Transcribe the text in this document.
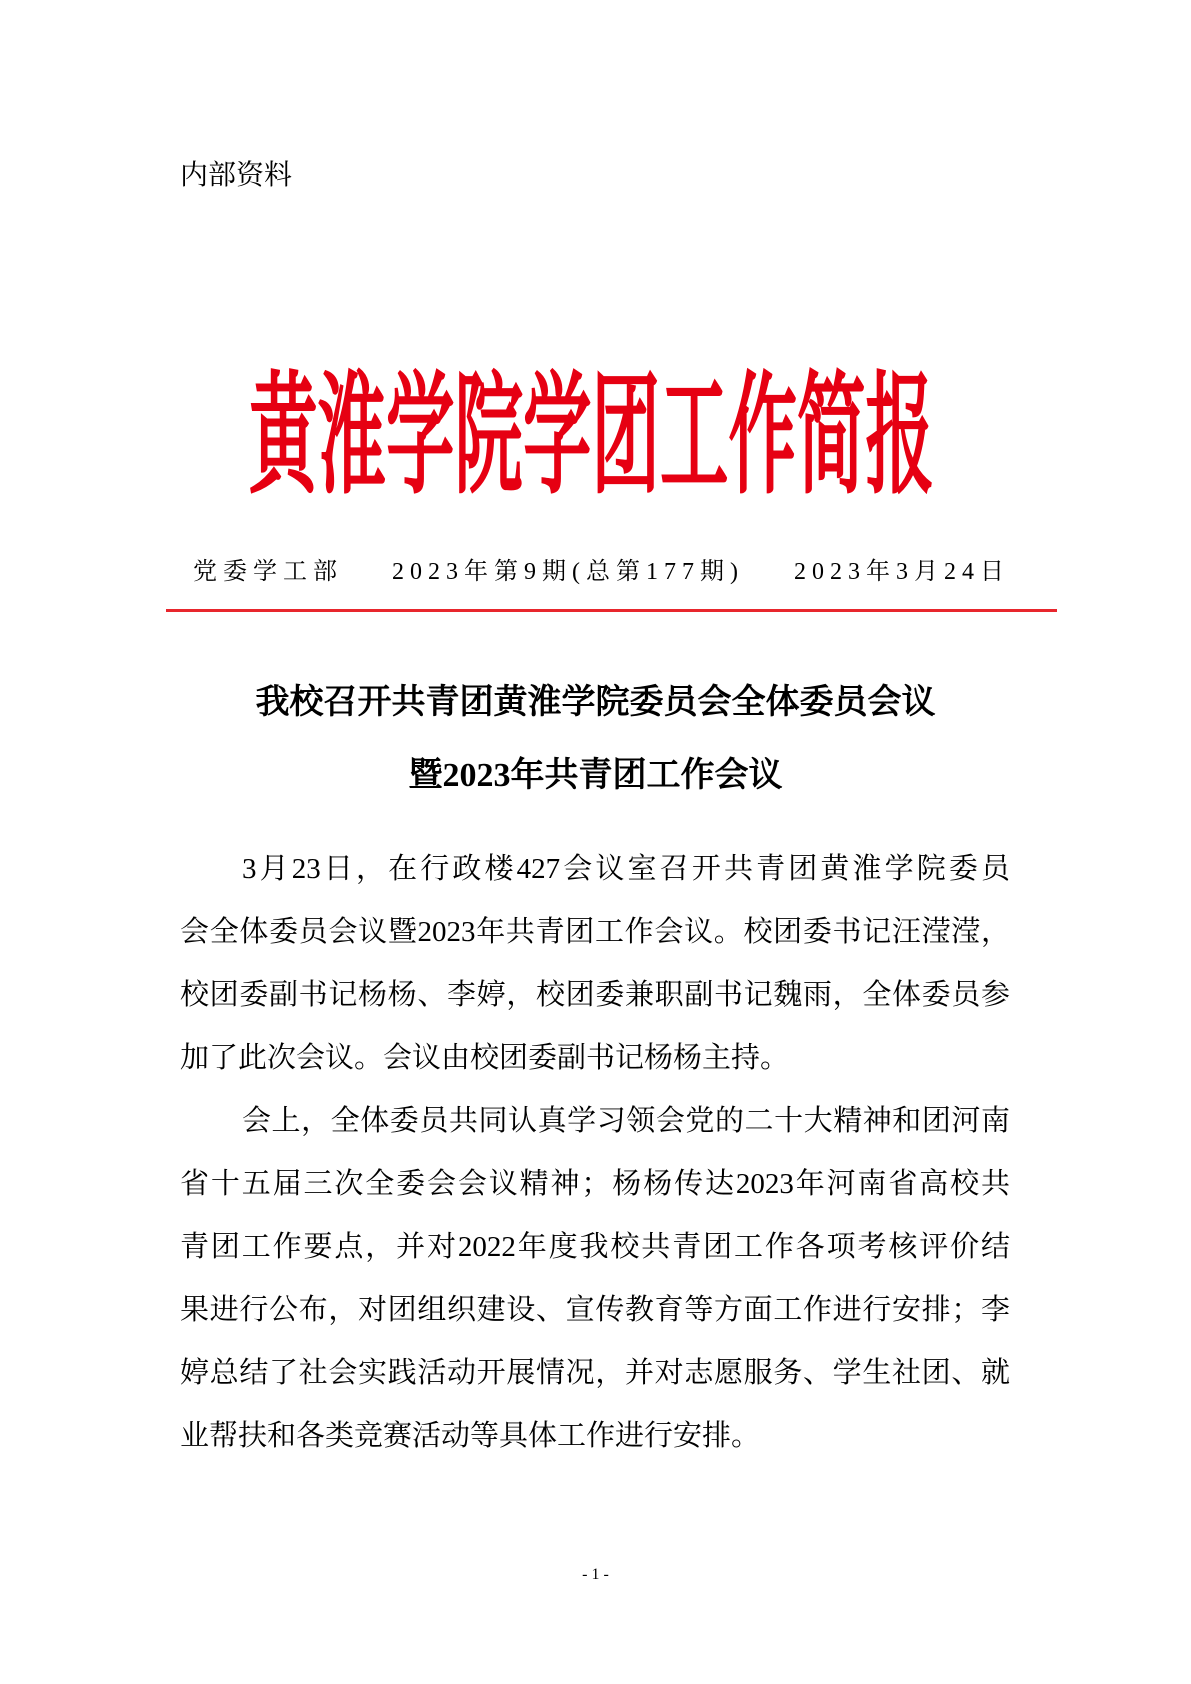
内部资料
黄淮学院学团工作简报
党委学工部 2023年第9期(总第177期) 2023年3月24日
我校召开共青团黄淮学院委员会全体委员会议
暨2023年共青团工作会议
3月23日，在行政楼427会议室召开共青团黄淮学院委员
会全体委员会议暨2023年共青团工作会议。校团委书记汪滢滢，
校团委副书记杨杨、李婷，校团委兼职副书记魏雨，全体委员参
加了此次会议。会议由校团委副书记杨杨主持。
会上，全体委员共同认真学习领会党的二十大精神和团河南
省十五届三次全委会会议精神；杨杨传达2023年河南省高校共
青团工作要点，并对2022年度我校共青团工作各项考核评价结
果进行公布，对团组织建设、宣传教育等方面工作进行安排；李
婷总结了社会实践活动开展情况，并对志愿服务、学生社团、就
业帮扶和各类竞赛活动等具体工作进行安排。
- 1 -
